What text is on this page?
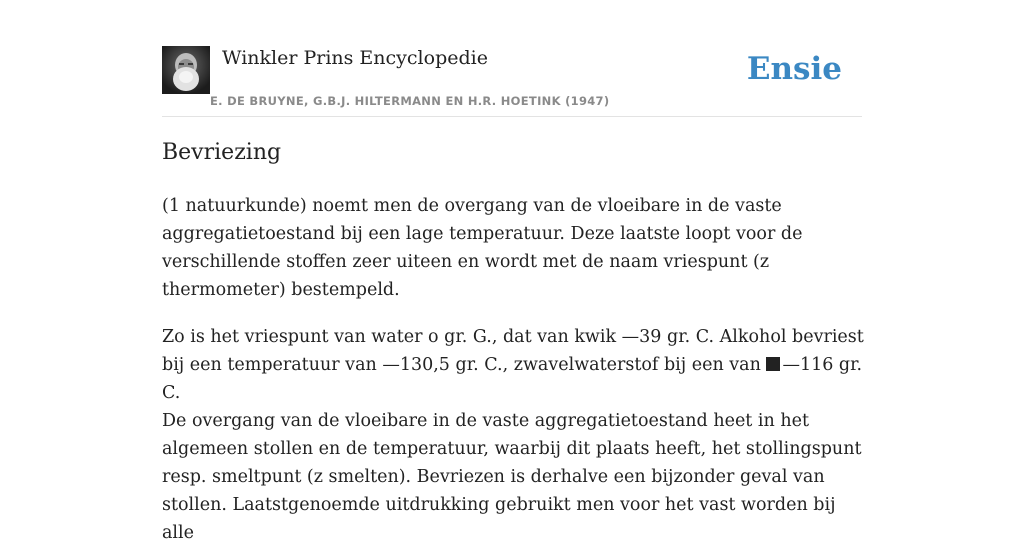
Winkler Prins Encyclopedie
E. DE BRUYNE, G.B.J. HILTERMANN EN H.R. HOETINK (1947)
Ensie
Bevriezing

(1 natuurkunde) noemt men de overgang van de vloeibare in de vaste aggregatietoestand bij een lage temperatuur. Deze laatste loopt voor de verschillende stoffen zeer uiteen en wordt met de naam vriespunt (z thermometer) bestempeld.

Zo is het vriespunt van water o gr. G., dat van kwik —39 gr. C. Alkohol bevriest bij een temperatuur van —130,5 gr. C., zwavelwaterstof bij een van —116 gr. C.

De overgang van de vloeibare in de vaste aggregatietoestand heet in het algemeen stollen en de temperatuur, waarbij dit plaats heeft, het stollingspunt resp. smeltpunt (z smelten). Bevriezen is derhalve een bijzonder geval van stollen. Laatstgenoemde uitdrukking gebruikt men voor het vast worden bij alle
